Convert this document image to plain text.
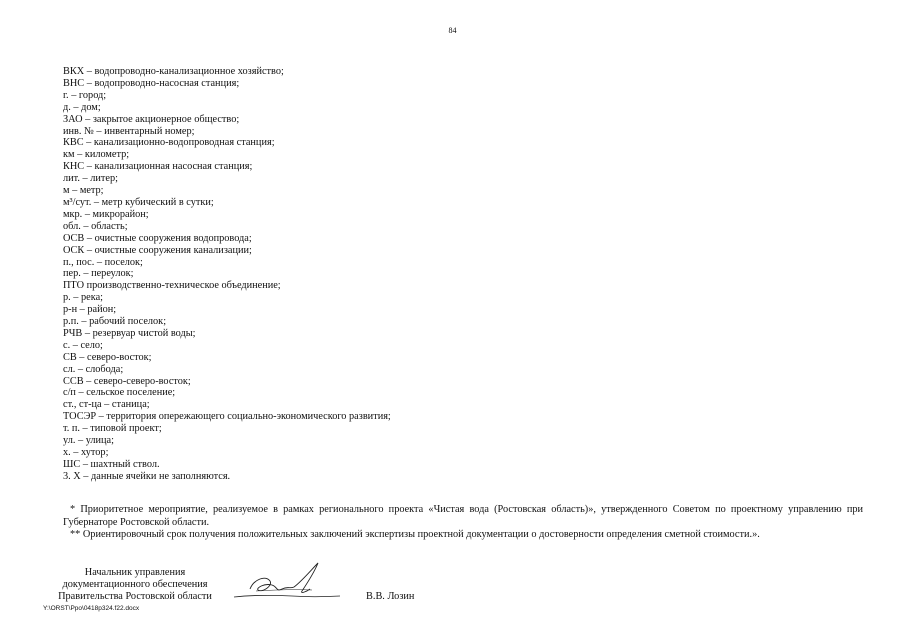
84
ВКХ – водопроводно-канализационное хозяйство;
ВНС – водопроводно-насосная станция;
г. – город;
д. – дом;
ЗАО – закрытое акционерное общество;
инв. № – инвентарный номер;
КВС – канализационно-водопроводная станция;
км – километр;
КНС – канализационная насосная станция;
лит. – литер;
м – метр;
м³/сут. – метр кубический в сутки;
мкр. – микрорайон;
обл. – область;
ОСВ – очистные сооружения водопровода;
ОСК – очистные сооружения канализации;
п., пос. – поселок;
пер. – переулок;
ПТО производственно-техническое объединение;
р. – река;
р-н – район;
р.п. – рабочий поселок;
РЧВ – резервуар чистой воды;
с. – село;
СВ – северо-восток;
сл. – слобода;
ССВ – северо-северо-восток;
с/п – сельское поселение;
ст., ст-ца – станица;
ТОСЭР – территория опережающего социально-экономического развития;
т. п. – типовой проект;
ул. – улица;
х. – хутор;
ШС – шахтный ствол.
3. Х – данные ячейки не заполняются.

* Приоритетное мероприятие, реализуемое в рамках регионального проекта «Чистая вода (Ростовская область)», утвержденного Советом по проектному управлению при Губернаторе Ростовской области.

** Ориентировочный срок получения положительных заключений экспертизы проектной документации о достоверности определения сметной стоимости.».

Начальник управления
документационного обеспечения
Правительства Ростовской области	В.В. Лозин
Y:\ORST\Ppo\0418p324.f22.docx
